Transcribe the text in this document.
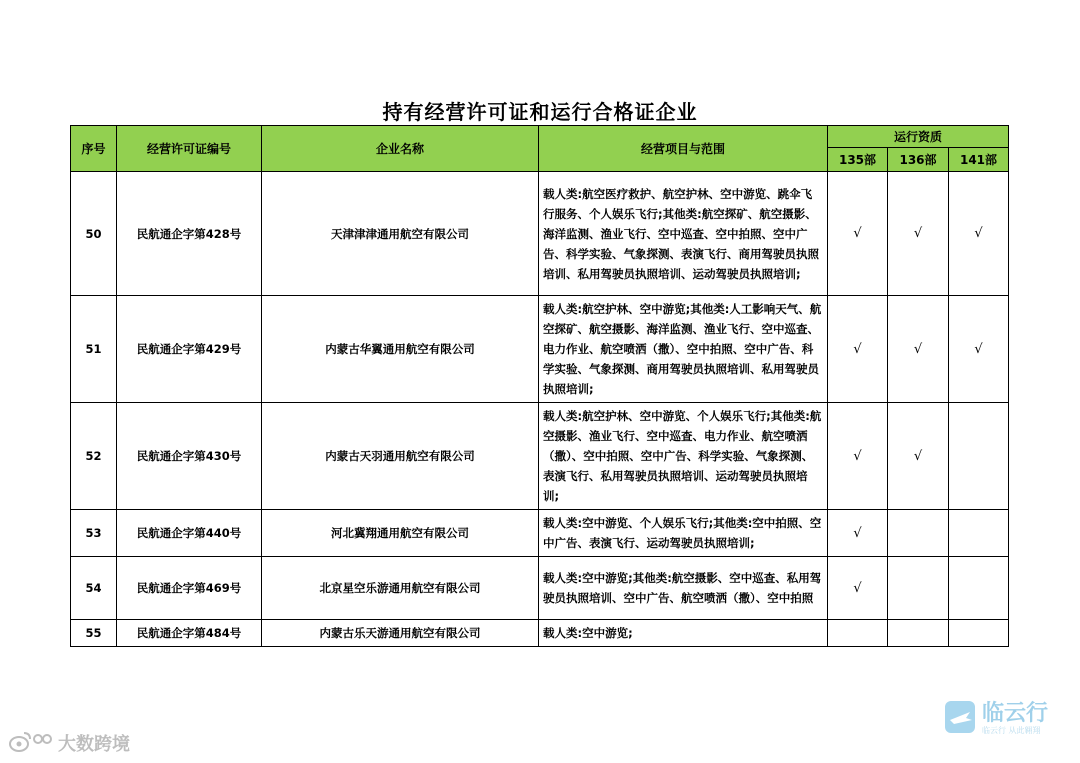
持有经营许可证和运行合格证企业
序号	经营许可证编号	企业名称	经营项目与范围	运行资质		
				135部	136部	141部
50	民航通企字第428号	天津津津通用航空有限公司	载人类:航空医疗救护、航空护林、空中游览、跳伞飞行服务、个人娱乐飞行;其他类:航空探矿、航空摄影、海洋监测、渔业飞行、空中巡查、空中拍照、空中广告、科学实验、气象探测、表演飞行、商用驾驶员执照培训、私用驾驶员执照培训、运动驾驶员执照培训;	√	√	√
51	民航通企字第429号	内蒙古华翼通用航空有限公司	载人类:航空护林、空中游览;其他类:人工影响天气、航空探矿、航空摄影、海洋监测、渔业飞行、空中巡查、电力作业、航空喷洒（撒）、空中拍照、空中广告、科学实验、气象探测、商用驾驶员执照培训、私用驾驶员执照培训;	√	√	√
52	民航通企字第430号	内蒙古天羽通用航空有限公司	载人类:航空护林、空中游览、个人娱乐飞行;其他类:航空摄影、渔业飞行、空中巡查、电力作业、航空喷洒（撒）、空中拍照、空中广告、科学实验、气象探测、表演飞行、私用驾驶员执照培训、运动驾驶员执照培训;	√	√	
53	民航通企字第440号	河北冀翔通用航空有限公司	载人类:空中游览、个人娱乐飞行;其他类:空中拍照、空中广告、表演飞行、运动驾驶员执照培训;	√		
54	民航通企字第469号	北京星空乐游通用航空有限公司	载人类:空中游览;其他类:航空摄影、空中巡查、私用驾驶员执照培训、空中广告、航空喷洒（撒）、空中拍照	√		
55	民航通企字第484号	内蒙古乐天游通用航空有限公司	载人类:空中游览;			
大数跨境
临云行
临云行 从此翱翔
